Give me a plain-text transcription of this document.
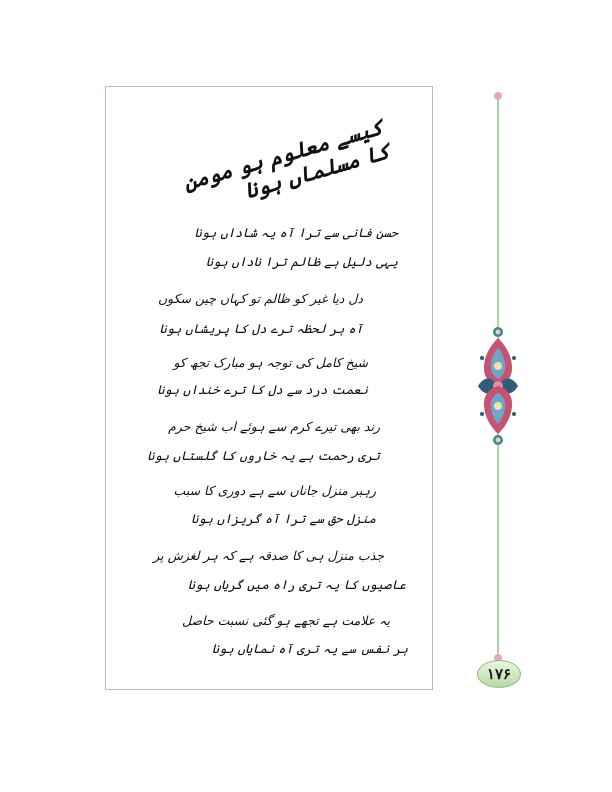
کیسے معلوم ہو مومن کا مسلماں ہونا
حسن فانی سے ترا آہ یہ شاداں ہونا
یہی دلیل ہے ظالم ترا ناداں ہونا
دل دیا غیر کو ظالم تو کہاں چین سکوں
آہ ہر لحظہ ترے دل کا پریشاں ہونا
شیخ کامل کی توجہ ہو مبارک تجھ کو
نعمت درد سے دل کا ترے خنداں ہونا
رند بھی تیرے کرم سے ہوئے اب شیخ حرم
تری رحمت ہے یہ خاروں کا گلستاں ہونا
رہبر منزل جاناں سے ہے دوری کا سبب
منزل حق سے ترا آہ گریزاں ہونا
جذب منزل ہی کا صدقہ ہے کہ ہر لغزش پر
عاصیوں کا یہ تری راہ میں گریاں ہونا
یہ علامت ہے تجھے ہو گئی نسبت حاصل
ہر نفس سے یہ تری آہ نمایاں ہونا
۱۷۶
